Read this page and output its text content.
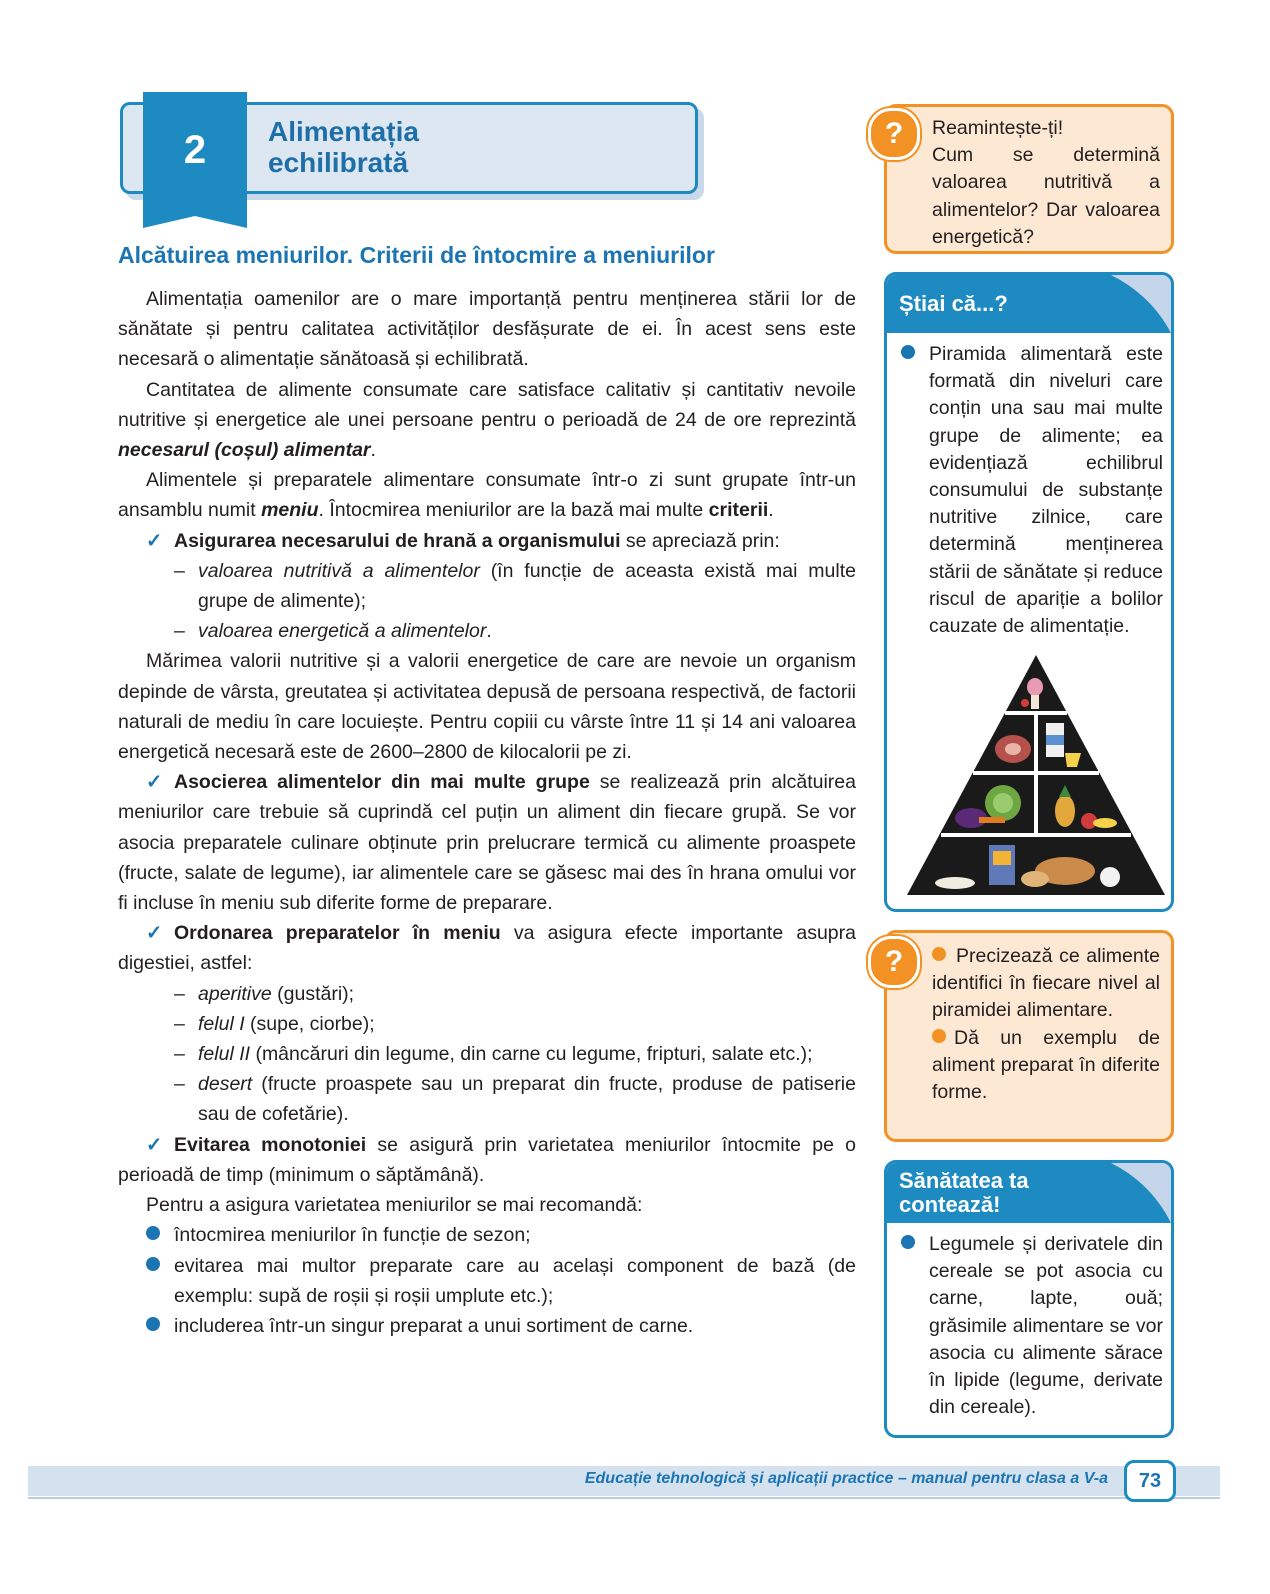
2	Alimentația
echilibrată
Alcătuirea meniurilor. Criterii de întocmire a meniurilor

Alimentația oamenilor are o mare importanță pentru menținerea stării lor de sănătate și pentru calitatea activităților desfășurate de ei. În acest sens este necesară o alimentație sănătoasă și echilibrată.

Cantitatea de alimente consumate care satisface calitativ și cantitativ nevoile nutritive și energetice ale unei persoane pentru o perioadă de 24 de ore reprezintă necesarul (coșul) alimentar.

Alimentele și preparatele alimentare consumate într-o zi sunt grupate într-un ansamblu numit meniu. Întocmirea meniurilor are la bază mai multe criterii.

✓ Asigurarea necesarului de hrană a organismului se apreciază prin:

– valoarea nutritivă a alimentelor (în funcție de aceasta există mai multe grupe de alimente);

– valoarea energetică a alimentelor.

Mărimea valorii nutritive și a valorii energetice de care are nevoie un organism depinde de vârsta, greutatea și activitatea depusă de persoana respectivă, de factorii naturali de mediu în care locuiește. Pentru copiii cu vârste între 11 și 14 ani valoarea energetică necesară este de 2600–2800 de kilocalorii pe zi.

✓ Asocierea alimentelor din mai multe grupe se realizează prin alcătuirea meniurilor care trebuie să cuprindă cel puțin un aliment din fiecare grupă. Se vor asocia preparatele culinare obținute prin prelucrare termică cu alimente proaspete (fructe, salate de legume), iar alimentele care se găsesc mai des în hrana omului vor fi incluse în meniu sub diferite forme de preparare.

✓ Ordonarea preparatelor în meniu va asigura efecte importante asupra digestiei, astfel:

– aperitive (gustări);

– felul I (supe, ciorbe);

– felul II (mâncăruri din legume, din carne cu legume, fripturi, salate etc.);

– desert (fructe proaspete sau un preparat din fructe, produse de patiserie sau de cofetărie).

✓ Evitarea monotoniei se asigură prin varietatea meniurilor întocmite pe o perioadă de timp (minimum o săptămână).

Pentru a asigura varietatea meniurilor se mai recomandă:

întocmirea meniurilor în funcție de sezon;

evitarea mai multor preparate care au același component de bază (de exemplu: supă de roșii și roșii umplute etc.);

includerea într-un singur preparat a unui sortiment de carne.

Reamintește-ți!

Cum se determină valoarea nutritivă a alimentelor? Dar valoarea energetică?

?
Știai că...?

Piramida alimentară este formată din niveluri care conțin una sau mai multe grupe de alimente; ea evidențiază echilibrul consumului de substanțe nutritive zilnice, care determină menținerea stării de sănătate și reduce riscul de apariție a bolilor cauzate de alimentație.

Precizează ce alimente identifici în fiecare nivel al piramidei alimentare.

Dă un exemplu de aliment preparat în diferite forme.

?
Sănătatea ta
contează!

Legumele și derivatele din cereale se pot asocia cu carne, lapte, ouă; grăsimile alimentare se vor asocia cu alimente sărace în lipide (legume, derivate din cereale).

Educație tehnologică și aplicații practice – manual pentru clasa a V-a	73
